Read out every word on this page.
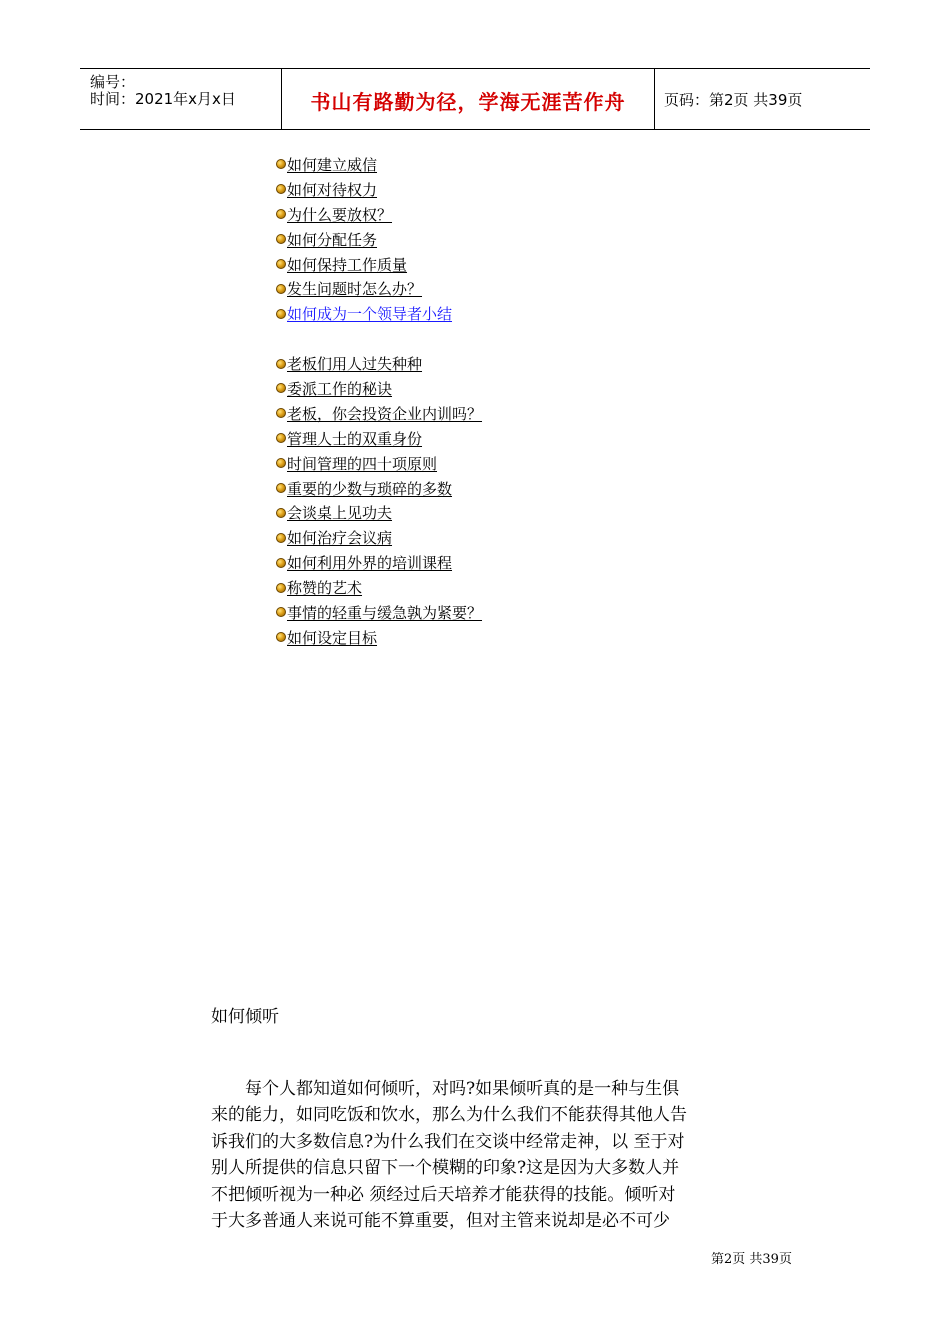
编号：
时间：2021年x月x日	书山有路勤为径，学海无涯苦作舟	页码：第2页 共39页
如何建立威信
如何对待权力
为什么要放权？
如何分配任务
如何保持工作质量
发生问题时怎么办？
如何成为一个领导者小结
老板们用人过失种种
委派工作的秘诀
老板，你会投资企业内训吗？
管理人士的双重身份
时间管理的四十项原则
重要的少数与琐碎的多数
会谈桌上见功夫
如何治疗会议病
如何利用外界的培训课程
称赞的艺术
事情的轻重与缓急孰为紧要？
如何设定目标
如何倾听
　　每个人都知道如何倾听，对吗?如果倾听真的是一种与生俱
来的能力，如同吃饭和饮水，那么为什么我们不能获得其他人告
诉我们的大多数信息?为什么我们在交谈中经常走神，以 至于对
别人所提供的信息只留下一个模糊的印象?这是因为大多数人并
不把倾听视为一种必 须经过后天培养才能获得的技能。倾听对
于大多普通人来说可能不算重要，但对主管来说却是必不可少
第2页 共39页
